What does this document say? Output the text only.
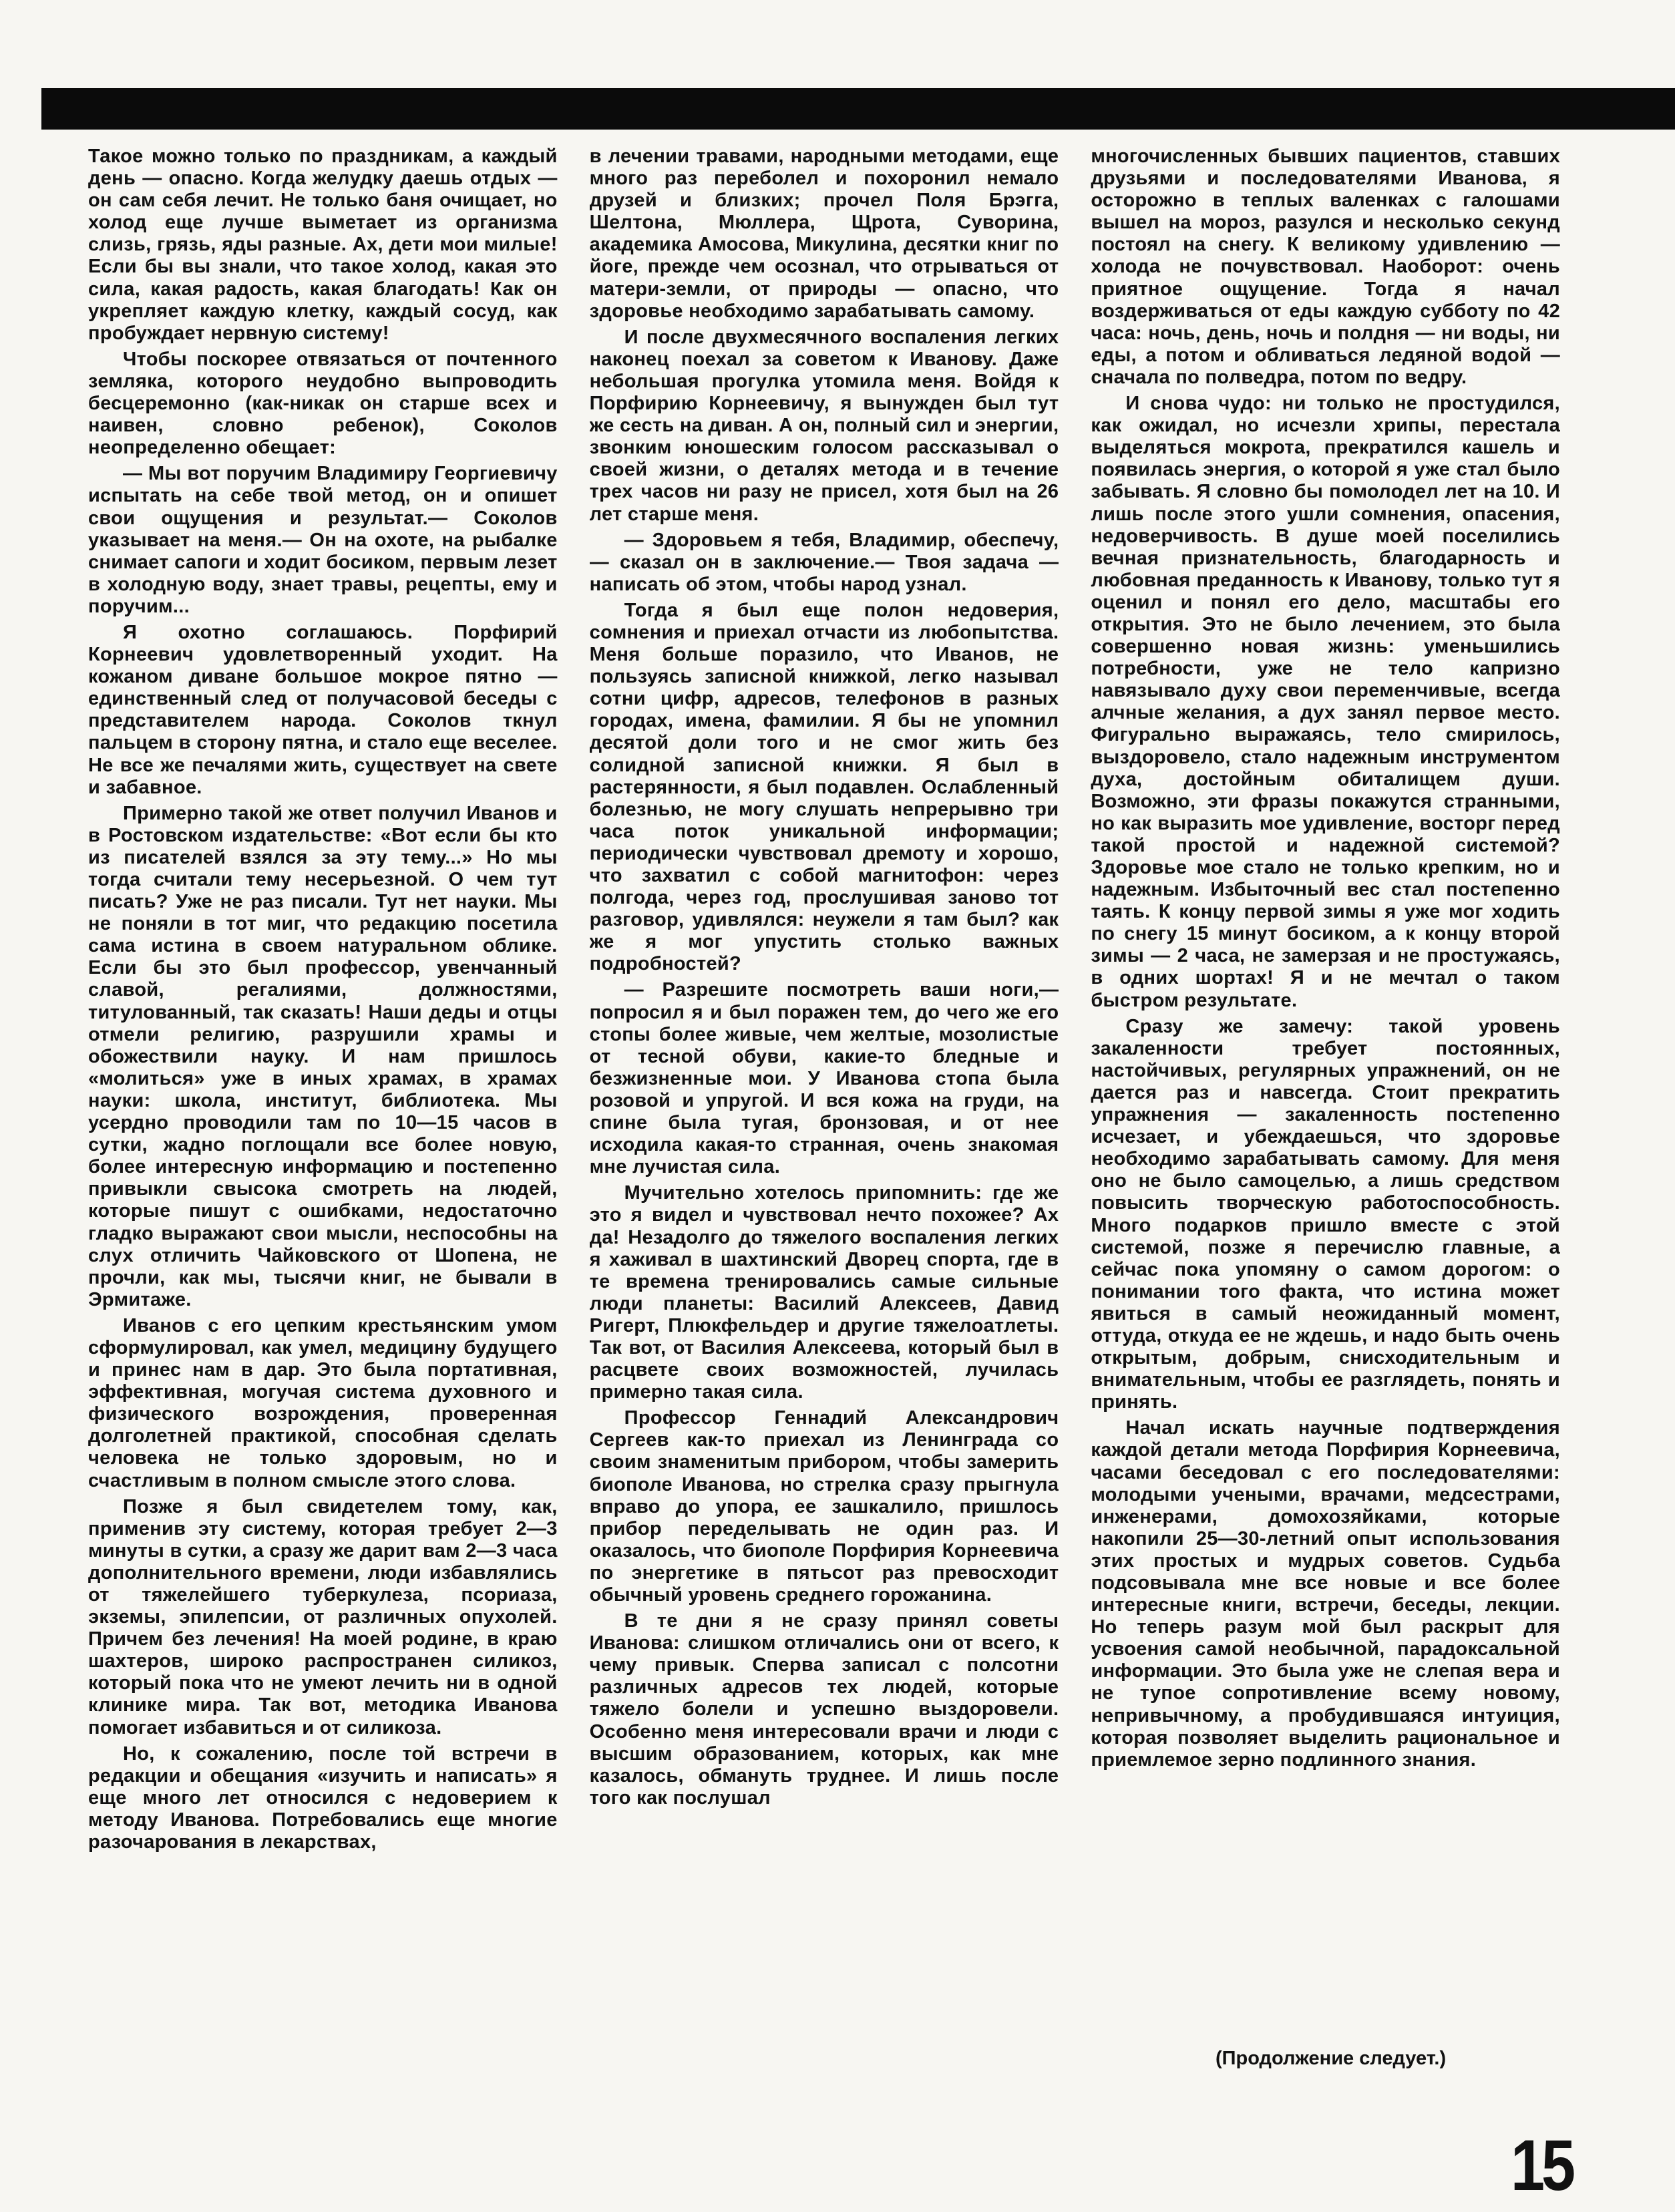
Такое можно только по праздникам, а каждый день — опасно. Когда желудку даешь отдых — он сам себя лечит. Не только баня очищает, но холод еще лучше выметает из организма слизь, грязь, яды разные. Ах, дети мои милые! Если бы вы знали, что такое холод, какая это сила, какая радость, какая благодать! Как он укрепляет каждую клетку, каждый сосуд, как пробуждает нервную систему!

Чтобы поскорее отвязаться от почтенного земляка, которого неудобно выпроводить бесцеремонно (как-никак он старше всех и наивен, словно ребенок), Соколов неопределенно обещает:

— Мы вот поручим Владимиру Георгиевичу испытать на себе твой метод, он и опишет свои ощущения и результат.— Соколов указывает на меня.— Он на охоте, на рыбалке снимает сапоги и ходит босиком, первым лезет в холодную воду, знает травы, рецепты, ему и поручим...

Я охотно соглашаюсь. Порфирий Корнеевич удовлетворенный уходит. На кожаном диване большое мокрое пятно — единственный след от получасовой беседы с представителем народа. Соколов ткнул пальцем в сторону пятна, и стало еще веселее. Не все же печалями жить, существует на свете и забавное.

Примерно такой же ответ получил Иванов и в Ростовском издательстве: «Вот если бы кто из писателей взялся за эту тему...» Но мы тогда считали тему несерьезной. О чем тут писать? Уже не раз писали. Тут нет науки. Мы не поняли в тот миг, что редакцию посетила сама истина в своем натуральном облике. Если бы это был профессор, увенчанный славой, регалиями, должностями, титулованный, так сказать! Наши деды и отцы отмели религию, разрушили храмы и обожествили науку. И нам пришлось «молиться» уже в иных храмах, в храмах науки: школа, институт, библиотека. Мы усердно проводили там по 10—15 часов в сутки, жадно поглощали все более новую, более интересную информацию и постепенно привыкли свысока смотреть на людей, которые пишут с ошибками, недостаточно гладко выражают свои мысли, неспособны на слух отличить Чайковского от Шопена, не прочли, как мы, тысячи книг, не бывали в Эрмитаже.

Иванов с его цепким крестьянским умом сформулировал, как умел, медицину будущего и принес нам в дар. Это была портативная, эффективная, могучая система духовного и физического возрождения, проверенная долголетней практикой, способная сделать человека не только здоровым, но и счастливым в полном смысле этого слова.

Позже я был свидетелем тому, как, применив эту систему, которая требует 2—3 минуты в сутки, а сразу же дарит вам 2—3 часа дополнительного времени, люди избавлялись от тяжелейшего туберкулеза, псориаза, экземы, эпилепсии, от различных опухолей. Причем без лечения! На моей родине, в краю шахтеров, широко распространен силикоз, который пока что не умеют лечить ни в одной клинике мира. Так вот, методика Иванова помогает избавиться и от силикоза.

Но, к сожалению, после той встречи в редакции и обещания «изучить и написать» я еще много лет относился с недоверием к методу Иванова. Потребовались еще многие разочарования в лекарствах,

в лечении травами, народными методами, еще много раз переболел и похоронил немало друзей и близких; прочел Поля Брэгга, Шелтона, Мюллера, Щрота, Суворина, академика Амосова, Микулина, десятки книг по йоге, прежде чем осознал, что отрываться от матери-земли, от природы — опасно, что здоровье необходимо зарабатывать самому.

И после двухмесячного воспаления легких наконец поехал за советом к Иванову. Даже небольшая прогулка утомила меня. Войдя к Порфирию Корнеевичу, я вынужден был тут же сесть на диван. А он, полный сил и энергии, звонким юношеским голосом рассказывал о своей жизни, о деталях метода и в течение трех часов ни разу не присел, хотя был на 26 лет старше меня.

— Здоровьем я тебя, Владимир, обеспечу,— сказал он в заключение.— Твоя задача — написать об этом, чтобы народ узнал.

Тогда я был еще полон недоверия, сомнения и приехал отчасти из любопытства. Меня больше поразило, что Иванов, не пользуясь записной книжкой, легко называл сотни цифр, адресов, телефонов в разных городах, имена, фамилии. Я бы не упомнил десятой доли того и не смог жить без солидной записной книжки. Я был в растерянности, я был подавлен. Ослабленный болезнью, не могу слушать непрерывно три часа поток уникальной информации; периодически чувствовал дремоту и хорошо, что захватил с собой магнитофон: через полгода, через год, прослушивая заново тот разговор, удивлялся: неужели я там был? как же я мог упустить столько важных подробностей?

— Разрешите посмотреть ваши ноги,— попросил я и был поражен тем, до чего же его стопы более живые, чем желтые, мозолистые от тесной обуви, какие-то бледные и безжизненные мои. У Иванова стопа была розовой и упругой. И вся кожа на груди, на спине была тугая, бронзовая, и от нее исходила какая-то странная, очень знакомая мне лучистая сила.

Мучительно хотелось припомнить: где же это я видел и чувствовал нечто похожее? Ах да! Незадолго до тяжелого воспаления легких я хаживал в шахтинский Дворец спорта, где в те времена тренировались самые сильные люди планеты: Василий Алексеев, Давид Ригерт, Плюкфельдер и другие тяжелоатлеты. Так вот, от Василия Алексеева, который был в расцвете своих возможностей, лучилась примерно такая сила.

Профессор Геннадий Александрович Сергеев как-то приехал из Ленинграда со своим знаменитым прибором, чтобы замерить биополе Иванова, но стрелка сразу прыгнула вправо до упора, ее зашкалило, пришлось прибор переделывать не один раз. И оказалось, что биополе Порфирия Корнеевича по энергетике в пятьсот раз превосходит обычный уровень среднего горожанина.

В те дни я не сразу принял советы Иванова: слишком отличались они от всего, к чему привык. Сперва записал с полсотни различных адресов тех людей, которые тяжело болели и успешно выздоровели. Особенно меня интересовали врачи и люди с высшим образованием, которых, как мне казалось, обмануть труднее. И лишь после того как послушал

многочисленных бывших пациентов, ставших друзьями и последователями Иванова, я осторожно в теплых валенках с галошами вышел на мороз, разулся и несколько секунд постоял на снегу. К великому удивлению — холода не почувствовал. Наоборот: очень приятное ощущение. Тогда я начал воздерживаться от еды каждую субботу по 42 часа: ночь, день, ночь и полдня — ни воды, ни еды, а потом и обливаться ледяной водой — сначала по полведра, потом по ведру.

И снова чудо: ни только не простудился, как ожидал, но исчезли хрипы, перестала выделяться мокрота, прекратился кашель и появилась энергия, о которой я уже стал было забывать. Я словно бы помолодел лет на 10. И лишь после этого ушли сомнения, опасения, недоверчивость. В душе моей поселились вечная признательность, благодарность и любовная преданность к Иванову, только тут я оценил и понял его дело, масштабы его открытия. Это не было лечением, это была совершенно новая жизнь: уменьшились потребности, уже не тело капризно навязывало духу свои переменчивые, всегда алчные желания, а дух занял первое место. Фигурально выражаясь, тело смирилось, выздоровело, стало надежным инструментом духа, достойным обиталищем души. Возможно, эти фразы покажутся странными, но как выразить мое удивление, восторг перед такой простой и надежной системой? Здоровье мое стало не только крепким, но и надежным. Избыточный вес стал постепенно таять. К концу первой зимы я уже мог ходить по снегу 15 минут босиком, а к концу второй зимы — 2 часа, не замерзая и не простужаясь, в одних шортах! Я и не мечтал о таком быстром результате.

Сразу же замечу: такой уровень закаленности требует постоянных, настойчивых, регулярных упражнений, он не дается раз и навсегда. Стоит прекратить упражнения — закаленность постепенно исчезает, и убеждаешься, что здоровье необходимо зарабатывать самому. Для меня оно не было самоцелью, а лишь средством повысить творческую работоспособность. Много подарков пришло вместе с этой системой, позже я перечислю главные, а сейчас пока упомяну о самом дорогом: о понимании того факта, что истина может явиться в самый неожиданный момент, оттуда, откуда ее не ждешь, и надо быть очень открытым, добрым, снисходительным и внимательным, чтобы ее разглядеть, понять и принять.

Начал искать научные подтверждения каждой детали метода Порфирия Корнеевича, часами беседовал с его последователями: молодыми учеными, врачами, медсестрами, инженерами, домохозяйками, которые накопили 25—30-летний опыт использования этих простых и мудрых советов. Судьба подсовывала мне все новые и все более интересные книги, встречи, беседы, лекции. Но теперь разум мой был раскрыт для усвоения самой необычной, парадоксальной информации. Это была уже не слепая вера и не тупое сопротивление всему новому, непривычному, а пробудившаяся интуиция, которая позволяет выделить рациональное и приемлемое зерно подлинного знания.

(Продолжение следует.)

15
